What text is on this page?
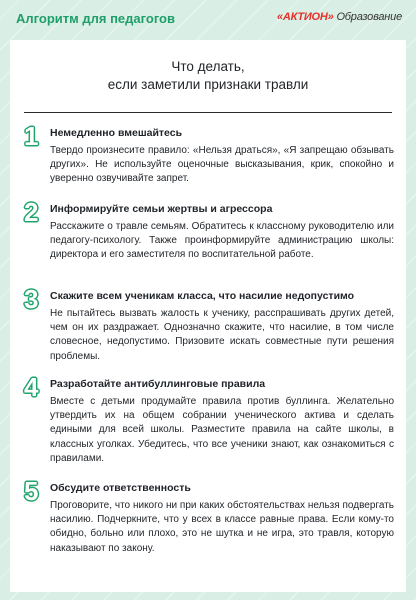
Алгоритм для педагогов	«АКТИОН» Образование
Что делать,
если заметили признаки травли
1	Немедленно вмешайтесь

Твердо произнесите правило: «Нельзя драться», «Я запрещаю обзывать других». Не используйте оценочные высказывания, крик, спокойно и уверенно озвучивайте запрет.

2	Информируйте семьи жертвы и агрессора

Расскажите о травле семьям. Обратитесь к классному руководителю или педагогу-психологу. Также проинформируйте администрацию школы: директора и его заместителя по воспитательной работе.

3	Скажите всем ученикам класса, что насилие недопустимо

Не пытайтесь вызвать жалость к ученику, расспрашивать других детей, чем он их раздражает. Однозначно скажите, что насилие, в том числе словесное, недопустимо. Призовите искать совместные пути решения проблемы.

4	Разработайте антибуллинговые правила

Вместе с детьми продумайте правила против буллинга. Желательно утвердить их на общем собрании ученического актива и сделать едиными для всей школы. Разместите правила на сайте школы, в классных уголках. Убедитесь, что все ученики знают, как ознакомиться с правилами.

5	Обсудите ответственность

Проговорите, что никого ни при каких обстоятельствах нельзя подвергать насилию. Подчеркните, что у всех в классе равные права. Если кому-то обидно, больно или плохо, это не шутка и не игра, это травля, которую наказывают по закону.
